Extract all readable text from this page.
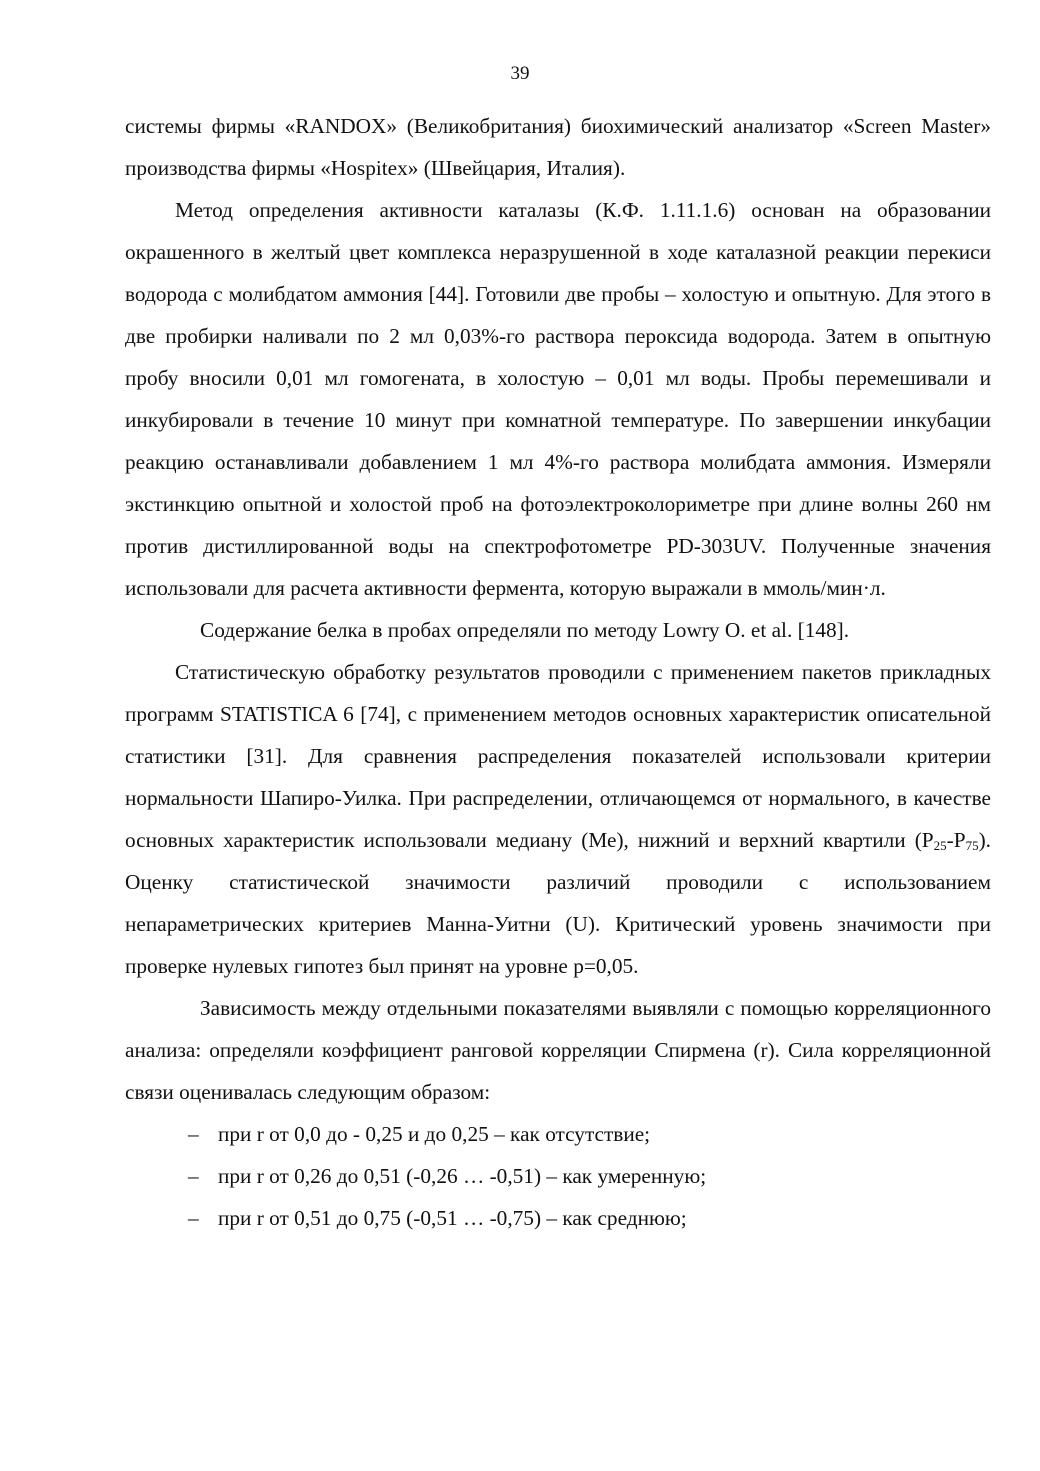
39

системы фирмы «RANDOX» (Великобритания) биохимический анализатор «Screen Master» производства фирмы «Hospitex» (Швейцария, Италия).

Метод определения активности каталазы (К.Ф. 1.11.1.6) основан на образовании окрашенного в желтый цвет комплекса неразрушенной в ходе каталазной реакции перекиси водорода с молибдатом аммония [44]. Готовили две пробы – холостую и опытную. Для этого в две пробирки наливали по 2 мл 0,03%-го раствора пероксида водорода. Затем в опытную пробу вносили 0,01 мл гомогената, в холостую – 0,01 мл воды. Пробы перемешивали и инкубировали в течение 10 минут при комнатной температуре. По завершении инкубации реакцию останавливали добавлением 1 мл 4%-го раствора молибдата аммония. Измеряли экстинкцию опытной и холостой проб на фотоэлектроколориметре при длине волны 260 нм против дистиллированной воды на спектрофотометре PD-303UV. Полученные значения использовали для расчета активности фермента, которую выражали в ммоль/мин·л.

Содержание белка в пробах определяли по методу Lowry O. et al. [148].

Статистическую обработку результатов проводили с применением пакетов прикладных программ STATISTICA 6 [74], с применением методов основных характеристик описательной статистики [31]. Для сравнения распределения показателей использовали критерии нормальности Шапиро-Уилка. При распределении, отличающемся от нормального, в качестве основных характеристик использовали медиану (Ме), нижний и верхний квартили $(P_{25}-P_{75})$. Оценку статистической значимости различий проводили с использованием непараметрических критериев Манна-Уитни (U). Критический уровень значимости при проверке нулевых гипотез был принят на уровне p=0,05.

Зависимость между отдельными показателями выявляли с помощью корреляционного анализа: определяли коэффициент ранговой корреляции Спирмена (r). Сила корреляционной связи оценивалась следующим образом:

– при r от 0,0 до - 0,25 и до 0,25 – как отсутствие;
– при r от 0,26 до 0,51 (-0,26 … -0,51) – как умеренную;
– при r от 0,51 до 0,75 (-0,51 … -0,75) – как среднюю;
